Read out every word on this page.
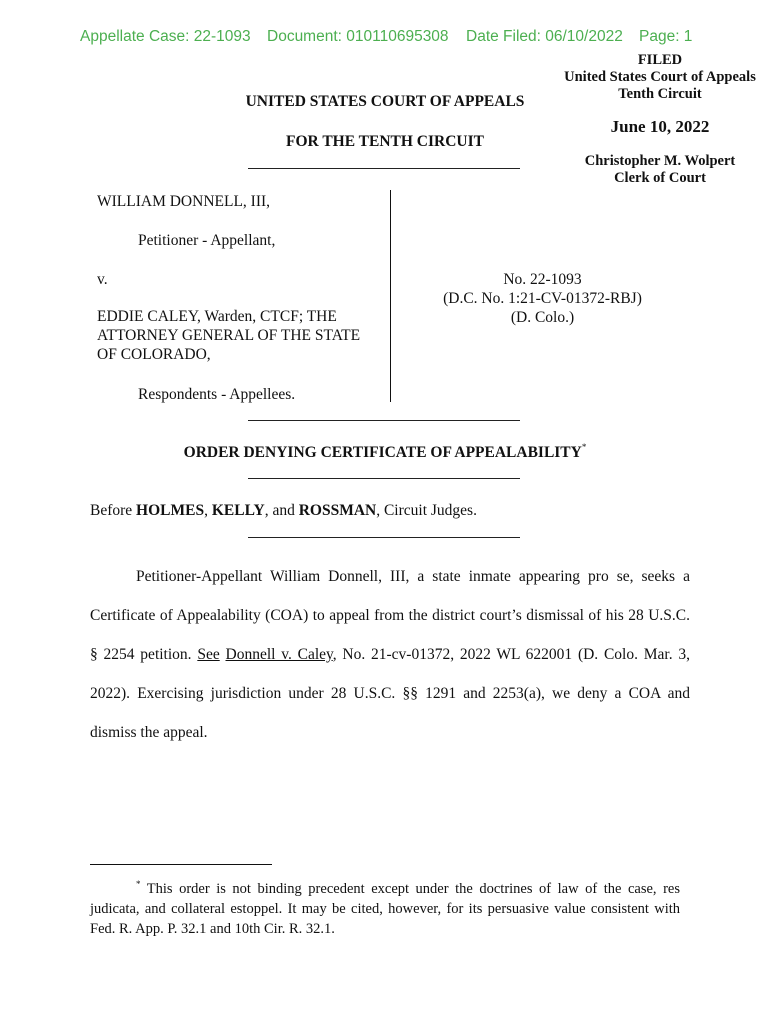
Appellate Case: 22-1093 Document: 010110695308 Date Filed: 06/10/2022 Page: 1
FILED
United States Court of Appeals
Tenth Circuit
June 10, 2022
Christopher M. Wolpert
Clerk of Court
UNITED STATES COURT OF APPEALS
FOR THE TENTH CIRCUIT
WILLIAM DONNELL, III,
Petitioner - Appellant,
v.
EDDIE CALEY, Warden, CTCF; THE
ATTORNEY GENERAL OF THE STATE
OF COLORADO,
Respondents - Appellees.
No. 22-1093
(D.C. No. 1:21-CV-01372-RBJ)
(D. Colo.)
ORDER DENYING CERTIFICATE OF APPEALABILITY*
Before HOLMES, KELLY, and ROSSMAN, Circuit Judges.

Petitioner-Appellant William Donnell, III, a state inmate appearing pro se, seeks a Certificate of Appealability (COA) to appeal from the district court’s dismissal of his 28 U.S.C. § 2254 petition. See Donnell v. Caley, No. 21-cv-01372, 2022 WL 622001 (D. Colo. Mar. 3, 2022). Exercising jurisdiction under 28 U.S.C. §§ 1291 and 2253(a), we deny a COA and dismiss the appeal.

* This order is not binding precedent except under the doctrines of law of the case, res judicata, and collateral estoppel. It may be cited, however, for its persuasive value consistent with Fed. R. App. P. 32.1 and 10th Cir. R. 32.1.
